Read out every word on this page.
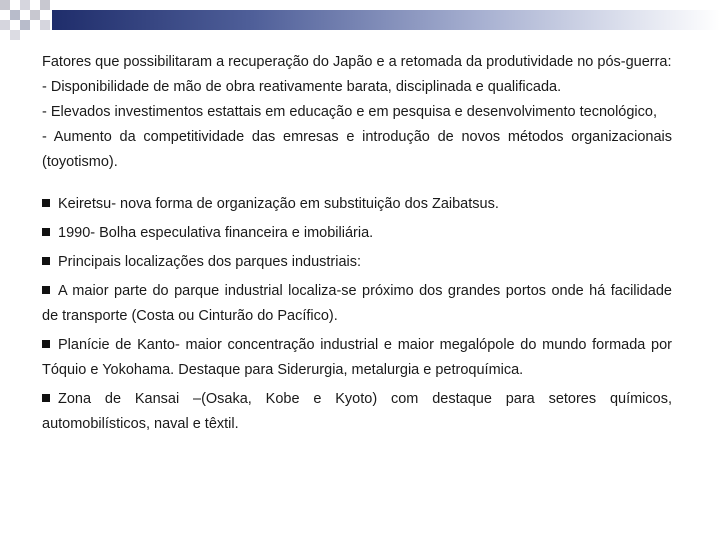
Fatores que possibilitaram a recuperação do Japão e a retomada da produtividade no pós-guerra:

- Disponibilidade de mão de obra reativamente barata, disciplinada e qualificada.

- Elevados investimentos estattais em educação e em pesquisa e desenvolvimento tecnológico,

- Aumento da competitividade das emresas e introdução de novos métodos organizacionais (toyotismo).

Keiretsu- nova forma de organização em substituição dos Zaibatsus.

1990- Bolha especulativa financeira e imobiliária.

Principais localizações dos parques industriais:

A maior parte do parque industrial localiza-se próximo dos grandes portos onde há facilidade de transporte (Costa ou Cinturão do Pacífico).

Planície de Kanto- maior concentração industrial e maior megalópole do mundo formada por Tóquio e Yokohama. Destaque para Siderurgia, metalurgia e petroquímica.

Zona de Kansai –(Osaka, Kobe e Kyoto) com destaque para setores químicos, automobilísticos, naval e têxtil.
